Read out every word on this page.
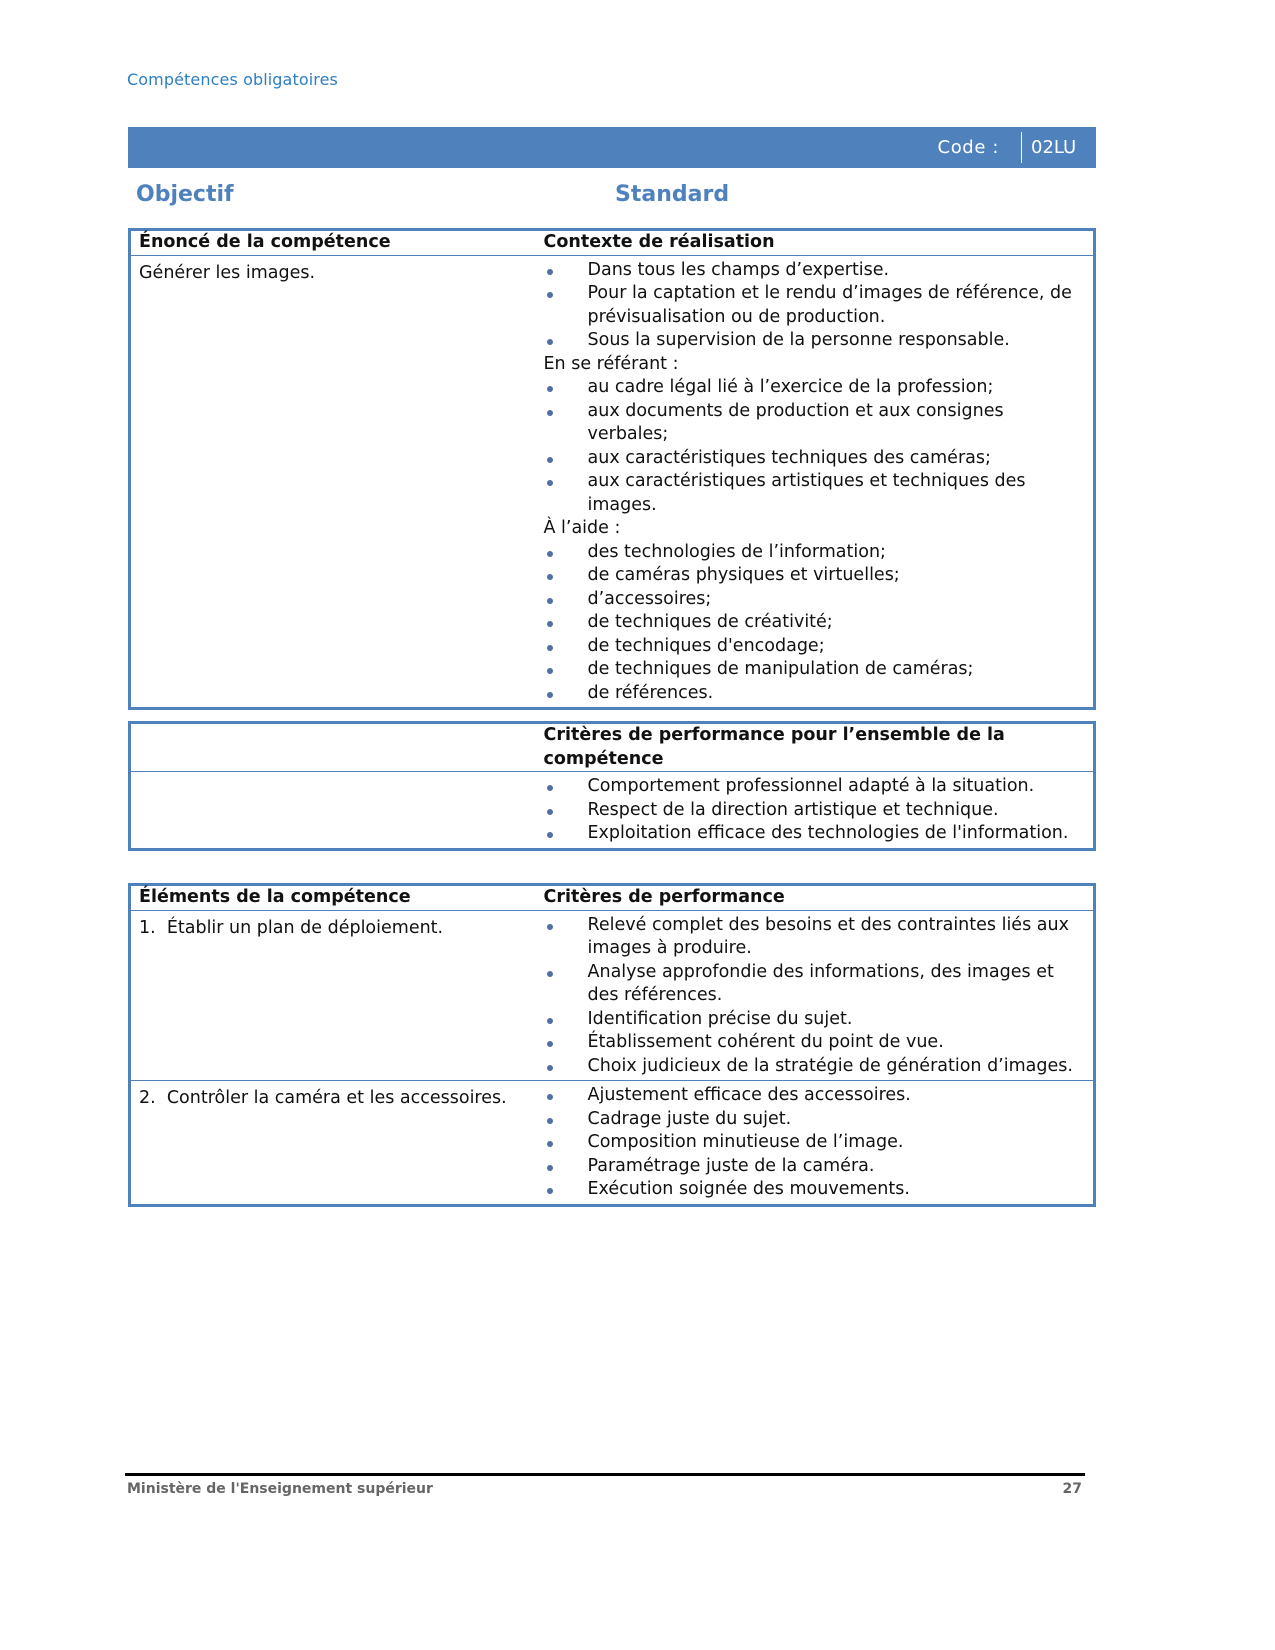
Compétences obligatoires
Code : 02LU
Objectif	Standard
Énoncé de la compétence	Contexte de réalisation
Générer les images.	Dans tous les champs d’expertise.
Pour la captation et le rendu d’images de référence, de prévisualisation ou de production.
Sous la supervision de la personne responsable.
En se référant :
au cadre légal lié à l’exercice de la profession;
aux documents de production et aux consignes verbales;
aux caractéristiques techniques des caméras;
aux caractéristiques artistiques et techniques des images.
À l’aide :
des technologies de l’information;
de caméras physiques et virtuelles;
d’accessoires;
de techniques de créativité;
de techniques d'encodage;
de techniques de manipulation de caméras;
de références.
	Critères de performance pour l’ensemble de la compétence

Comportement professionnel adapté à la situation.
Respect de la direction artistique et technique.
Exploitation efficace des technologies de l'information.
Éléments de la compétence	Critères de performance
1.  Établir un plan de déploiement.	Relevé complet des besoins et des contraintes liés aux images à produire.
Analyse approfondie des informations, des images et des références.
Identification précise du sujet.
Établissement cohérent du point de vue.
Choix judicieux de la stratégie de génération d’images.

2.  Contrôler la caméra et les accessoires.	Ajustement efficace des accessoires.
Cadrage juste du sujet.
Composition minutieuse de l’image.
Paramétrage juste de la caméra.
Exécution soignée des mouvements.
Ministère de l'Enseignement supérieur	27
